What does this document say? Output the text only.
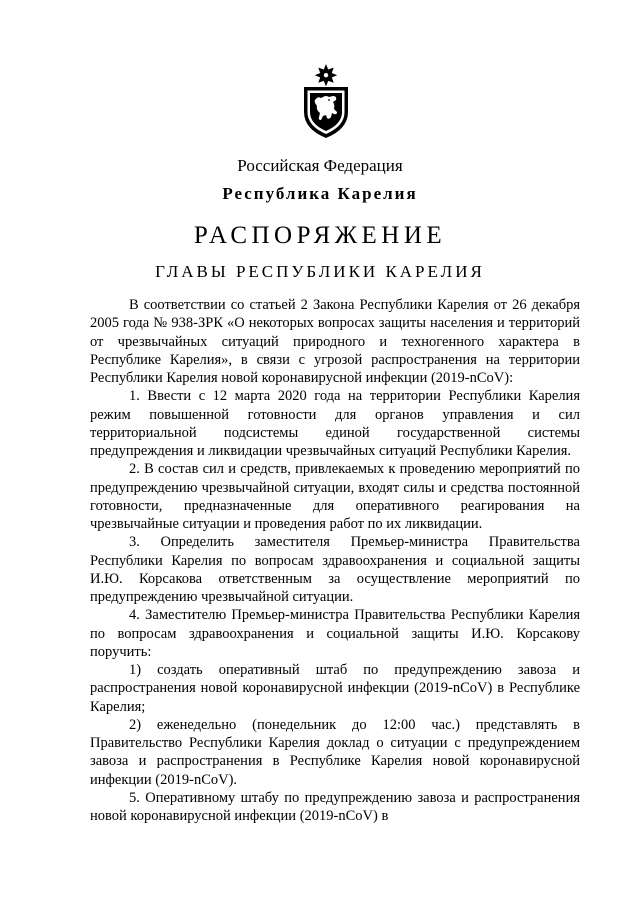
Российская Федерация
Республика Карелия
РАСПОРЯЖЕНИЕ
ГЛАВЫ РЕСПУБЛИКИ КАРЕЛИЯ

В соответствии со статьей 2 Закона Республики Карелия от 26 декабря 2005 года № 938-ЗРК «О некоторых вопросах защиты населения и территорий от чрезвычайных ситуаций природного и техногенного характера в Республике Карелия», в связи с угрозой распространения на территории Республики Карелия новой коронавирусной инфекции (2019-nCoV):

1. Ввести с 12 марта 2020 года на территории Республики Карелия режим повышенной готовности для органов управления и сил территориальной подсистемы единой государственной системы предупреждения и ликвидации чрезвычайных ситуаций Республики Карелия.

2. В состав сил и средств, привлекаемых к проведению мероприятий по предупреждению чрезвычайной ситуации, входят силы и средства постоянной готовности, предназначенные для оперативного реагирования на чрезвычайные ситуации и проведения работ по их ликвидации.

3. Определить заместителя Премьер-министра Правительства Республики Карелия по вопросам здравоохранения и социальной защиты И.Ю. Корсакова ответственным за осуществление мероприятий по предупреждению чрезвычайной ситуации.

4. Заместителю Премьер-министра Правительства Республики Карелия по вопросам здравоохранения и социальной защиты И.Ю. Корсакову поручить:

1) создать оперативный штаб по предупреждению завоза и распространения новой коронавирусной инфекции (2019-nCoV) в Республике Карелия;

2) еженедельно (понедельник до 12:00 час.) представлять в Правительство Республики Карелия доклад о ситуации с предупреждением завоза и распространения в Республике Карелия новой коронавирусной инфекции (2019-nCoV).

5. Оперативному штабу по предупреждению завоза и распространения новой коронавирусной инфекции (2019-nCoV) в
